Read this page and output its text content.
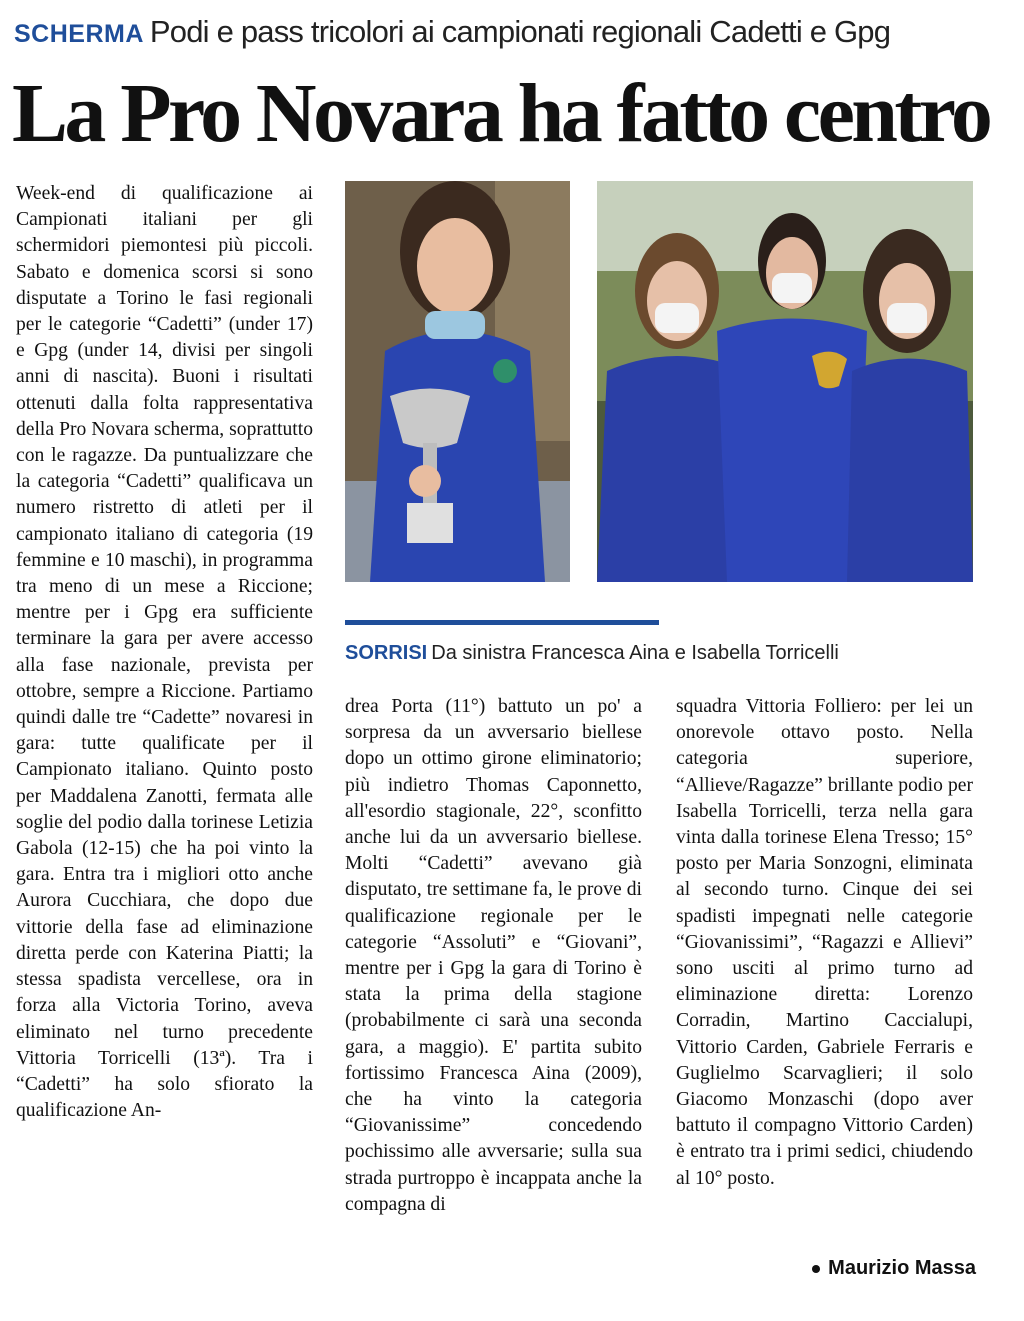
SCHERMA Podi e pass tricolori ai campionati regionali Cadetti e Gpg
La Pro Novara ha fatto centro
Week-end di qualificazione ai Campionati italiani per gli schermidori piemontesi più piccoli. Sabato e domenica scorsi si sono disputate a Torino le fasi regionali per le categorie “Cadetti” (under 17) e Gpg (under 14, divisi per singoli anni di nascita). Buoni i risultati ottenuti dalla folta rappresentativa della Pro Novara scherma, soprattutto con le ragazze. Da puntualizzare che la categoria “Cadetti” qualificava un numero ristretto di atleti per il campionato italiano di categoria (19 femmine e 10 maschi), in programma tra meno di un mese a Riccione; mentre per i Gpg era sufficiente terminare la gara per avere accesso alla fase nazionale, prevista per ottobre, sempre a Riccione. Partiamo quindi dalle tre “Cadette” novaresi in gara: tutte qualificate per il Campionato italiano. Quinto posto per Maddalena Zanotti, fermata alle soglie del podio dalla torinese Letizia Gabola (12-15) che ha poi vinto la gara. Entra tra i migliori otto anche Aurora Cucchiara, che dopo due vittorie della fase ad eliminazione diretta perde con Katerina Piatti; la stessa spadista vercellese, ora in forza alla Victoria Torino, aveva eliminato nel turno precedente Vittoria Torricelli (13ª). Tra i “Cadetti” ha solo sfiorato la qualificazione An-
SORRISI Da sinistra Francesca Aina e Isabella Torricelli
drea Porta (11°) battuto un po' a sorpresa da un avversario biellese dopo un ottimo girone eliminatorio; più indietro Thomas Caponnetto, all'esordio stagionale, 22°, sconfitto anche lui da un avversario biellese. Molti “Cadetti” avevano già disputato, tre settimane fa, le prove di qualificazione regionale per le categorie “Assoluti” e “Giovani”, mentre per i Gpg la gara di Torino è stata la prima della stagione (probabilmente ci sarà una seconda gara, a maggio). E' partita subito fortissimo Francesca Aina (2009), che ha vinto la categoria “Giovanissime” concedendo pochissimo alle avversarie; sulla sua strada purtroppo è incappata anche la compagna di
squadra Vittoria Folliero: per lei un onorevole ottavo posto. Nella categoria superiore, “Allieve/Ragazze” brillante podio per Isabella Torricelli, terza nella gara vinta dalla torinese Elena Tresso; 15° posto per Maria Sonzogni, eliminata al secondo turno. Cinque dei sei spadisti impegnati nelle categorie “Giovanissimi”, “Ragazzi e Allievi” sono usciti al primo turno ad eliminazione diretta: Lorenzo Corradin, Martino Caccialupi, Vittorio Carden, Gabriele Ferraris e Guglielmo Scarvaglieri; il solo Giacomo Monzaschi (dopo aver battuto il compagno Vittorio Carden) è entrato tra i primi sedici, chiudendo al 10° posto.
Maurizio Massa
